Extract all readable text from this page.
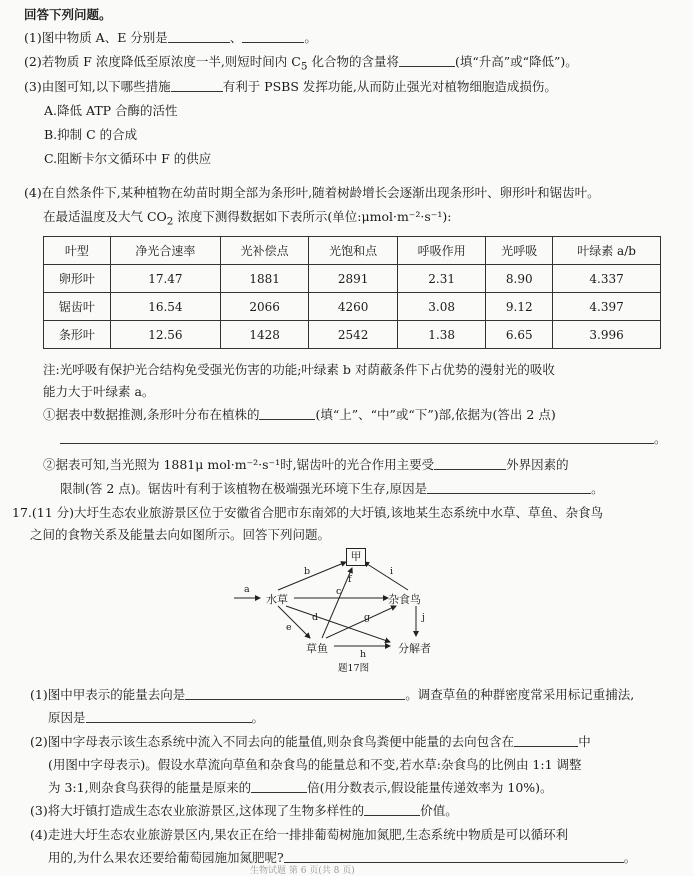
回答下列问题。
(1)图中物质 A、E 分别是	、	。
(2)若物质 F 浓度降低至原浓度一半,则短时间内 $C_5$ 化合物的含量将	(填“升高”或“降低”)。
(3)由图可知,以下哪些措施	有利于 PSBS 发挥功能,从而防止强光对植物细胞造成损伤。
A.降低 ATP 合酶的活性
B.抑制 C 的合成
C.阻断卡尔文循环中 F 的供应
(4)在自然条件下,某种植物在幼苗时期全部为条形叶,随着树龄增长会逐渐出现条形叶、卵形叶和锯齿叶。
在最适温度及大气 $CO_2$ 浓度下测得数据如下表所示(单位:μmol·m⁻²·s⁻¹):
叶型	净光合速率	光补偿点	光饱和点	呼吸作用	光呼吸	叶绿素 a/b
卵形叶	17.47	1881	2891	2.31	8.90	4.337
锯齿叶	16.54	2066	4260	3.08	9.12	4.397
条形叶	12.56	1428	2542	1.38	6.65	3.996
注:光呼吸有保护光合结构免受强光伤害的功能;叶绿素 b 对荫蔽条件下占优势的漫射光的吸收
能力大于叶绿素 a。
①据表中数据推测,条形叶分布在植株的	(填“上”、“中”或“下”)部,依据为(答出 2 点)
。
②据表可知,当光照为 1881μ mol·m⁻²·s⁻¹时,锯齿叶的光合作用主要受	外界因素的
限制(答 2 点)。锯齿叶有利于该植物在极端强光环境下生存,原因是	。
17.(11 分)大圩生态农业旅游景区位于安徽省合肥市东南郊的大圩镇,该地某生态系统中水草、草鱼、杂食鸟
之间的食物关系及能量去向如图所示。回答下列问题。
甲
水草	杂食鸟
草鱼	分解者
a
b
c
d
e
f
g
h
i
j
题17图
(1)图中甲表示的能量去向是	。调查草鱼的种群密度常采用标记重捕法,
原因是	。
(2)图中字母表示该生态系统中流入不同去向的能量值,则杂食鸟粪便中能量的去向包含在	中
(用图中字母表示)。假设水草流向草鱼和杂食鸟的能量总和不变,若水草:杂食鸟的比例由 1:1 调整
为 3:1,则杂食鸟获得的能量是原来的	倍(用分数表示,假设能量传递效率为 10%)。
(3)将大圩镇打造成生态农业旅游景区,这体现了生物多样性的	价值。
(4)走进大圩生态农业旅游景区内,果农正在给一排排葡萄树施加氮肥,生态系统中物质是可以循环利
用的,为什么果农还要给葡萄园施加氮肥呢?	。
生物试题 第 6 页(共 8 页)
